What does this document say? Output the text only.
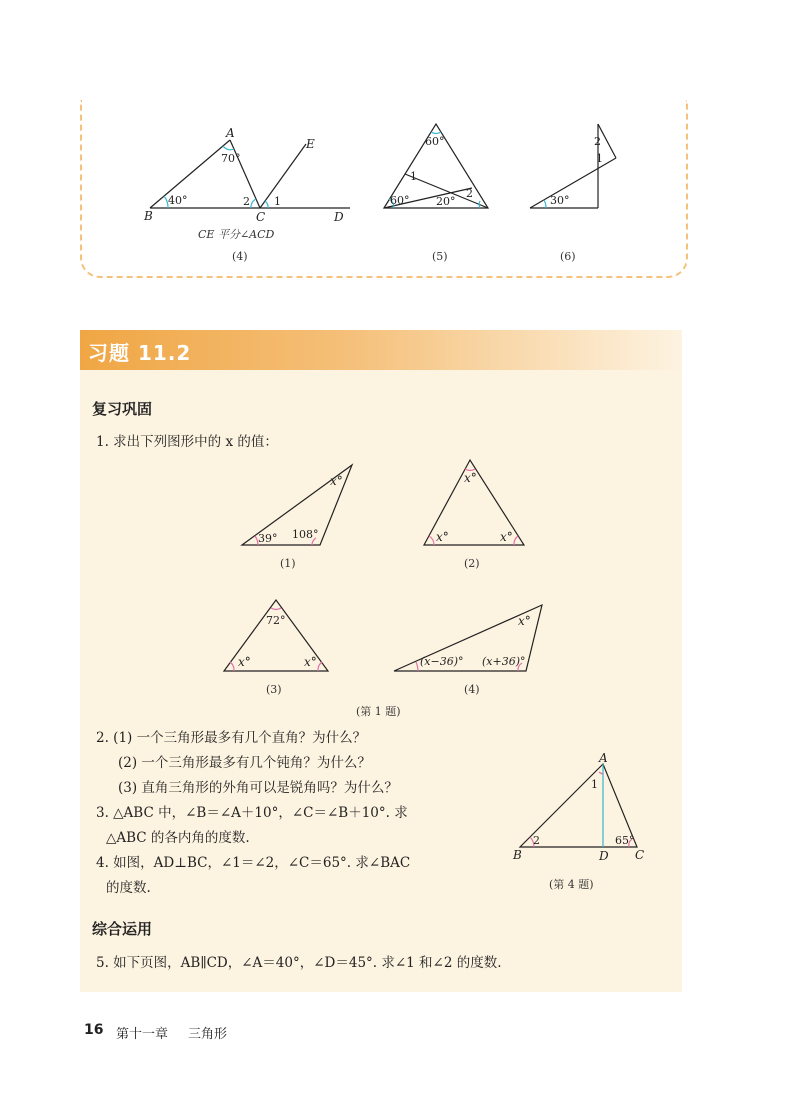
A
B	C	D
E
70°
40°	2 1
CE 平分∠ACD
(4)
60°
60° 20°
1
2
(5)
2
1
30°
(6)
习题 11.2
复习巩固
1. 求出下列图形中的 x 的值：
39° 108°
x°
(1)
x°
x°	x°
(2)
72°
x°	x°
(3)
(x−36)° (x+36)°
x°
(4)
(第 1 题)
2. (1) 一个三角形最多有几个直角？为什么？
(2) 一个三角形最多有几个钝角？为什么？
(3) 直角三角形的外角可以是锐角吗？为什么？
3. △ABC 中，∠B＝∠A＋10°，∠C＝∠B＋10°. 求
△ABC 的各内角的度数.
4. 如图，AD⊥BC，∠1＝∠2，∠C＝65°. 求∠BAC
的度数.
A
B	D C
1
2	65°
(第 4 题)
综合运用
5. 如下页图，AB∥CD，∠A＝40°，∠D＝45°. 求∠1 和∠2 的度数.
16 第十一章 三角形
